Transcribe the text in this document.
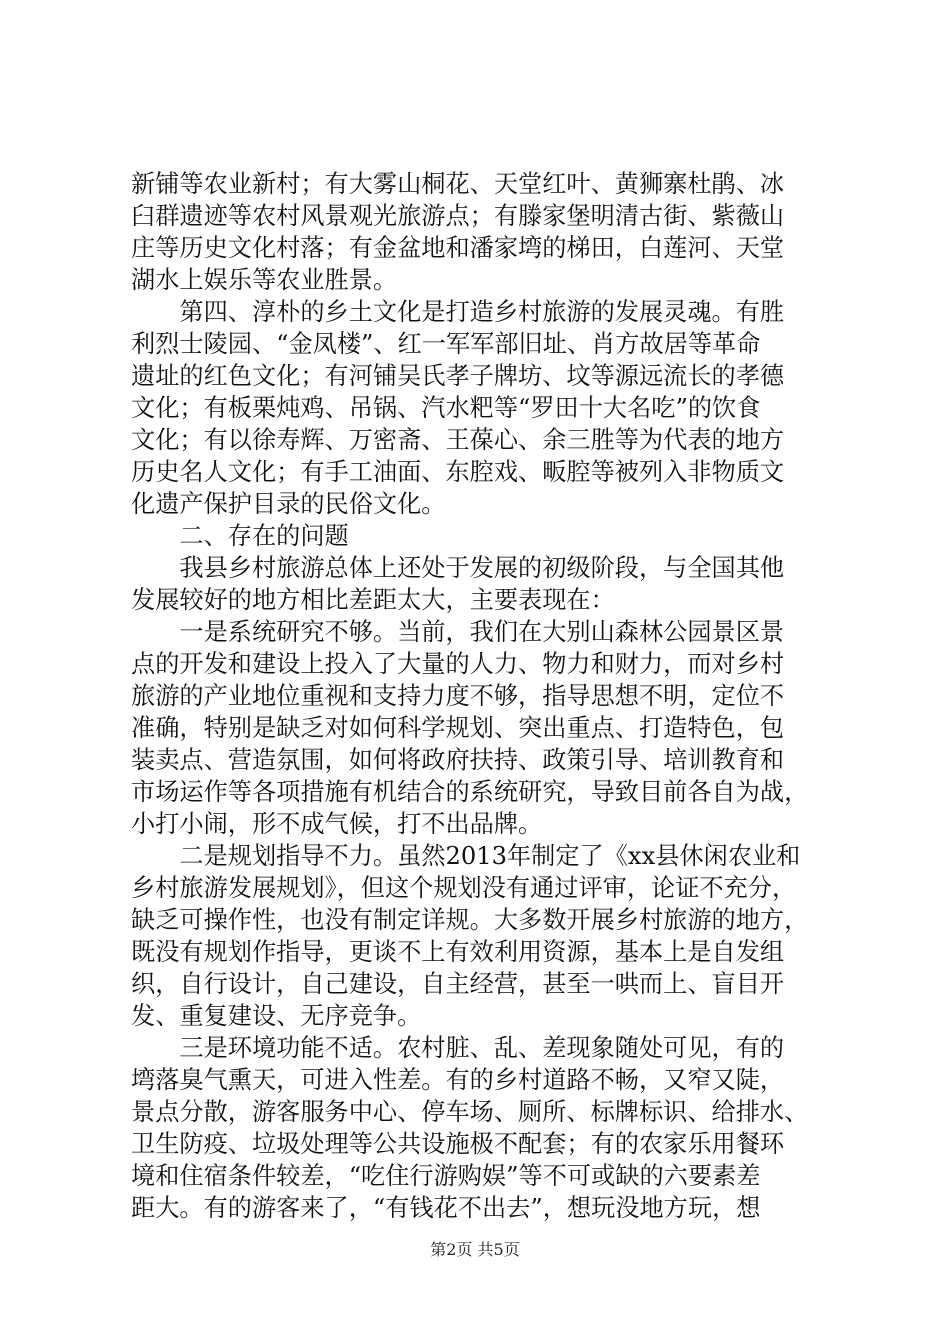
新铺等农业新村；有大雾山桐花、天堂红叶、黄狮寨杜鹃、冰
臼群遗迹等农村风景观光旅游点；有滕家堡明清古街、紫薇山
庄等历史文化村落；有金盆地和潘家塆的梯田，白莲河、天堂
湖水上娱乐等农业胜景。
　　第四、淳朴的乡土文化是打造乡村旅游的发展灵魂。有胜
利烈士陵园、“金凤楼”、红一军军部旧址、肖方故居等革命
遗址的红色文化；有河铺吴氏孝子牌坊、坟等源远流长的孝德
文化；有板栗炖鸡、吊锅、汽水粑等“罗田十大名吃”的饮食
文化；有以徐寿辉、万密斋、王葆心、余三胜等为代表的地方
历史名人文化；有手工油面、东腔戏、畈腔等被列入非物质文
化遗产保护目录的民俗文化。
　　二、存在的问题
　　我县乡村旅游总体上还处于发展的初级阶段，与全国其他
发展较好的地方相比差距太大，主要表现在：
　　一是系统研究不够。当前，我们在大别山森林公园景区景
点的开发和建设上投入了大量的人力、物力和财力，而对乡村
旅游的产业地位重视和支持力度不够，指导思想不明，定位不
准确，特别是缺乏对如何科学规划、突出重点、打造特色，包
装卖点、营造氛围，如何将政府扶持、政策引导、培训教育和
市场运作等各项措施有机结合的系统研究，导致目前各自为战，
小打小闹，形不成气候，打不出品牌。
　　二是规划指导不力。虽然2013年制定了《xx县休闲农业和
乡村旅游发展规划》，但这个规划没有通过评审，论证不充分，
缺乏可操作性，也没有制定详规。大多数开展乡村旅游的地方，
既没有规划作指导，更谈不上有效利用资源，基本上是自发组
织，自行设计，自己建设，自主经营，甚至一哄而上、盲目开
发、重复建设、无序竞争。
　　三是环境功能不适。农村脏、乱、差现象随处可见，有的
塆落臭气熏天，可进入性差。有的乡村道路不畅，又窄又陡，
景点分散，游客服务中心、停车场、厕所、标牌标识、给排水、
卫生防疫、垃圾处理等公共设施极不配套；有的农家乐用餐环
境和住宿条件较差，“吃住行游购娱”等不可或缺的六要素差
距大。有的游客来了，“有钱花不出去”，想玩没地方玩，想
第2页 共5页
